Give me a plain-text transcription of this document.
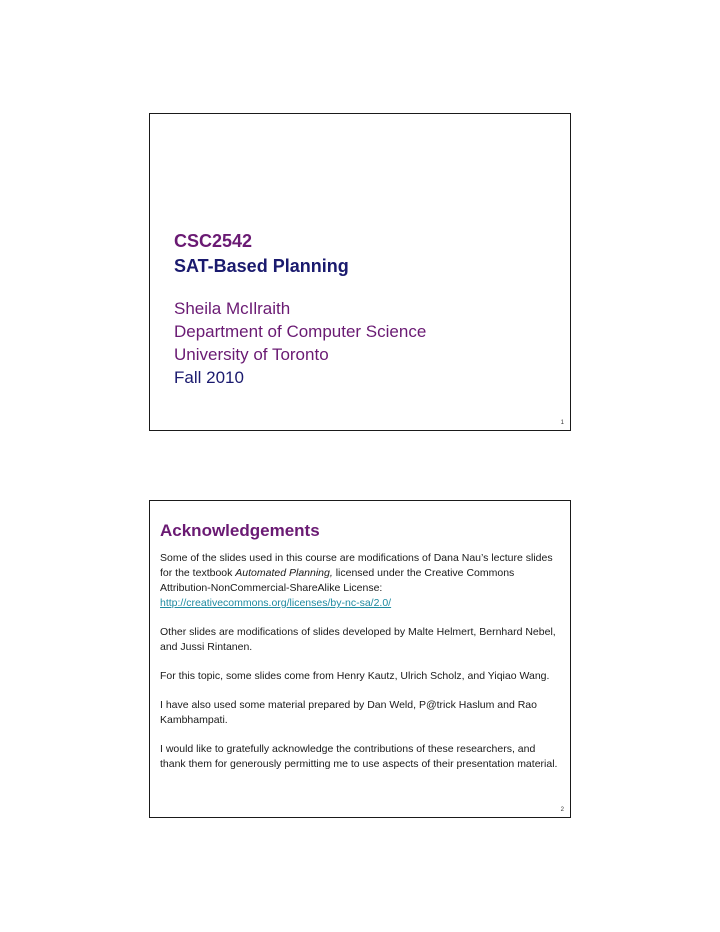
CSC2542
SAT-Based Planning
Sheila McIlraith
Department of Computer Science
University of Toronto
Fall 2010
1
Acknowledgements

Some of the slides used in this course are modifications of Dana Nau’s lecture slides for the textbook Automated Planning, licensed under the Creative Commons Attribution-NonCommercial-ShareAlike License: http://creativecommons.org/licenses/by-nc-sa/2.0/

Other slides are modifications of slides developed by Malte Helmert, Bernhard Nebel, and Jussi Rintanen.

For this topic, some slides come from Henry Kautz, Ulrich Scholz, and Yiqiao Wang.

I have also used some material prepared by Dan Weld, P@trick Haslum and Rao Kambhampati.

I would like to gratefully acknowledge the contributions of these researchers, and thank them for generously permitting me to use aspects of their presentation material.

2
